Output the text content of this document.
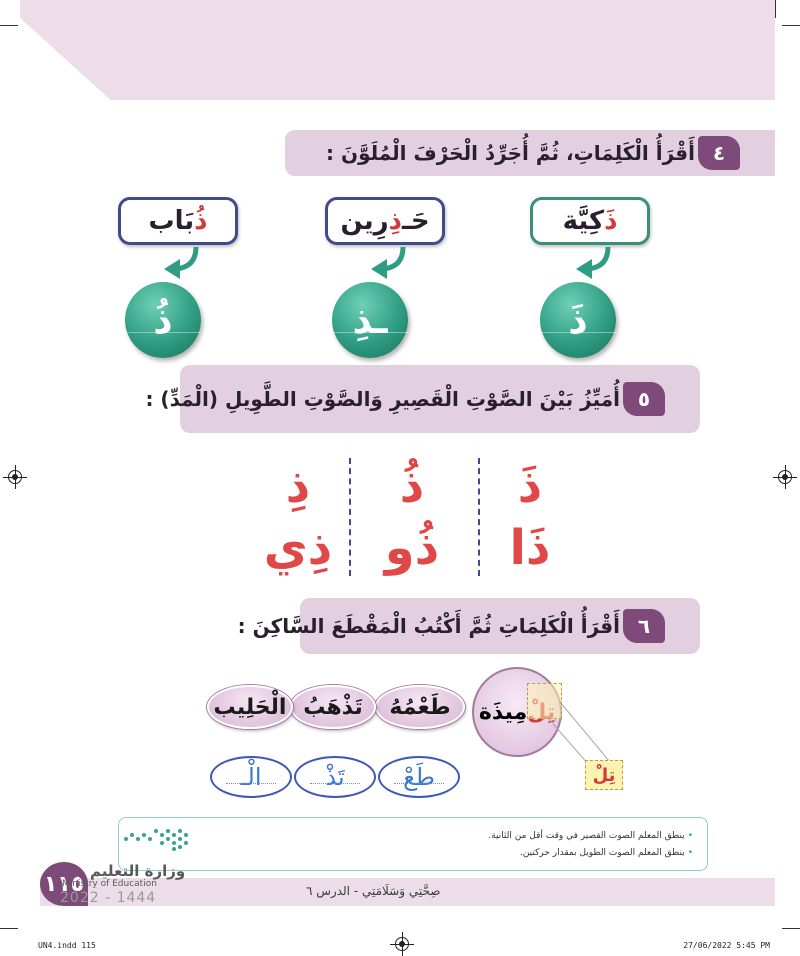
أَقْرَأُ الْكَلِمَاتِ، ثُمَّ أُجَرِّدُ الْحَرْفَ الْمُلَوَّنَ : ٤
ذَ
كِيَّة
حَـ
ذِ
رِين
ذُ
بَاب
ذَ
ـذِ
ذُ
أُمَيِّزُ بَيْنَ الصَّوْتِ الْقَصِيرِ وَالصَّوْتِ الطَّوِيلِ (الْمَدِّ) : ٥
ذَ
ذُ
ذِ
ذَا
ذُو
ذِي
أَقْرَأُ الْكَلِمَاتِ ثُمَّ أَكْتُبُ الْمَقْطَعَ السَّاكِنَ : ٦
مِيذَة
تِلْ
طَعْمُهُ
تَذْهَبُ
الْحَلِيب
طَعْ
تَذْ
الْـ
• ينطق المعلم الصوت القصير في وقت أقل من الثانية.
• ينطق المعلم الصوت الطويل بمقدار حركتين.
١١٥
وزارة التعليم
Ministry of Education
2022 - 1444	صِحَّتِي وَسَلَامَتِي - الدرس ٦
UN4.indd 115	27/06/2022 5:45 PM
